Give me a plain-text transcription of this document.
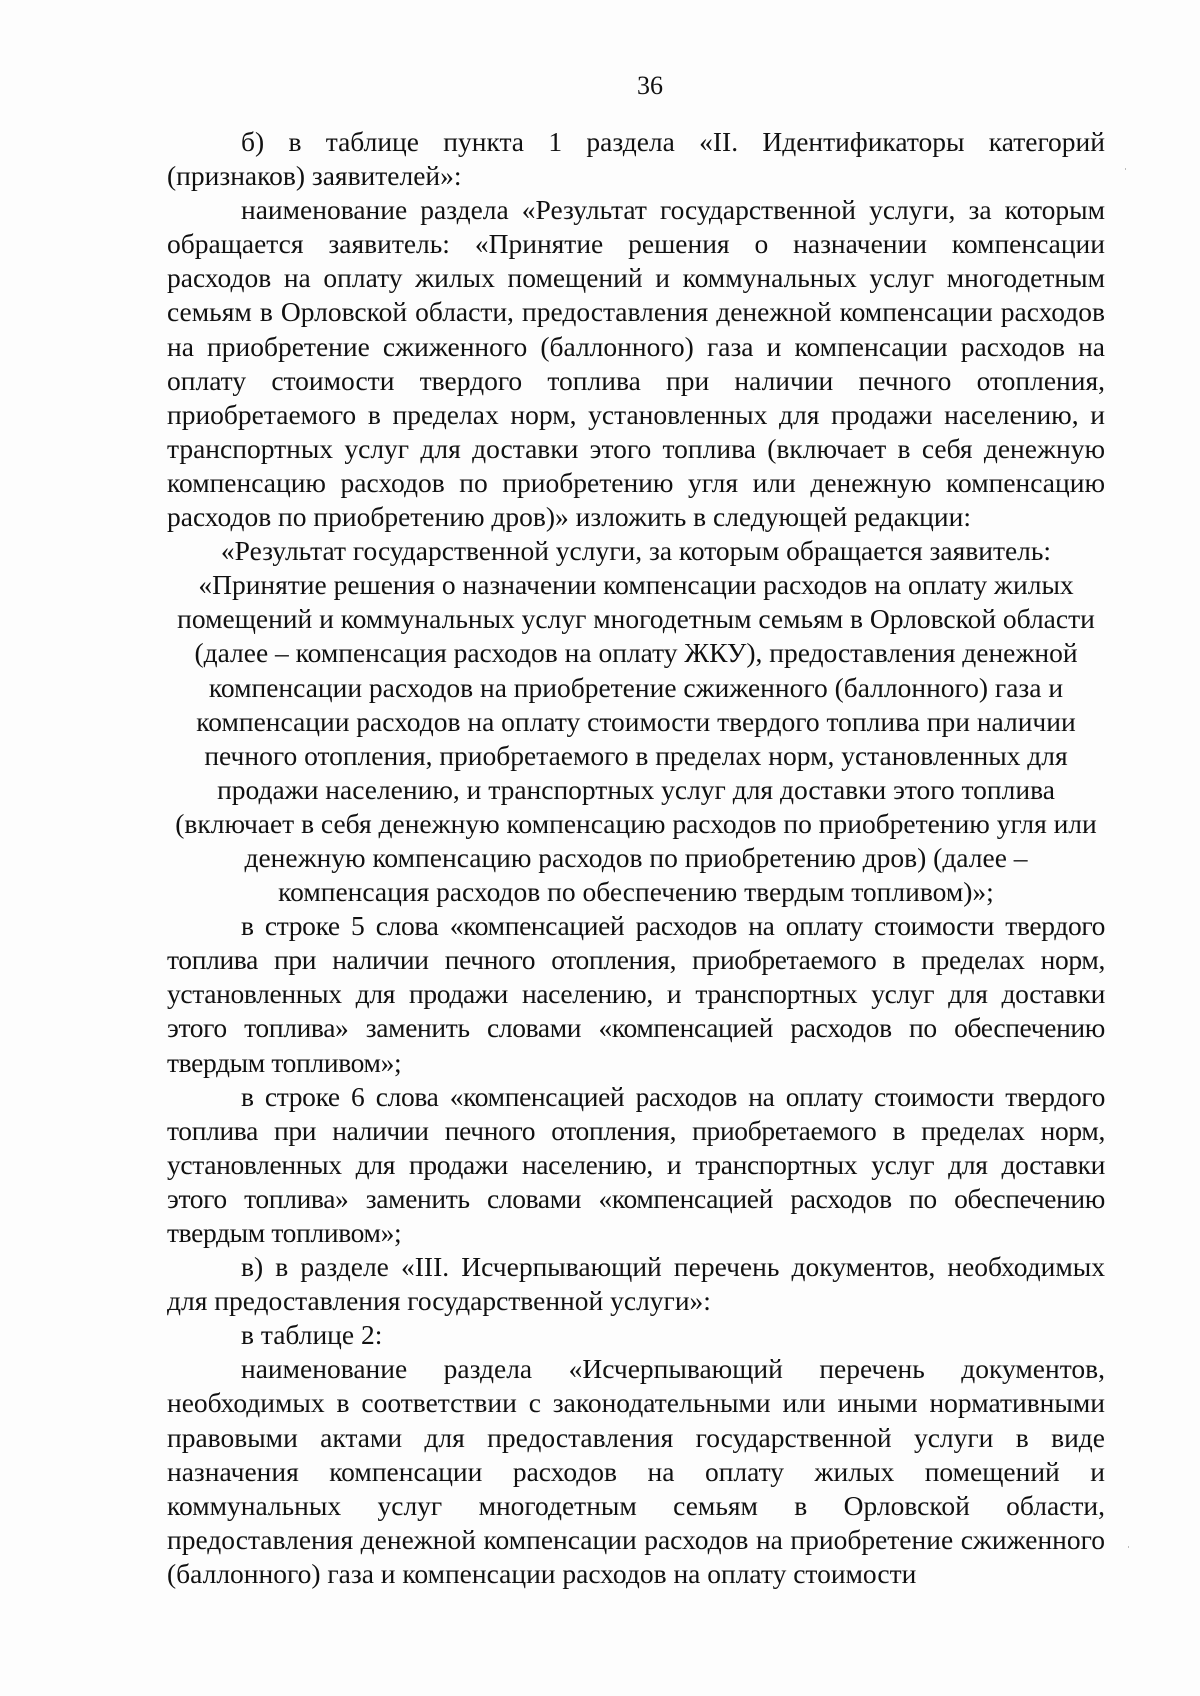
36

б) в таблице пункта 1 раздела «II. Идентификаторы категорий (признаков) заявителей»:

наименование раздела «Результат государственной услуги, за которым обращается заявитель: «Принятие решения о назначении компенсации расходов на оплату жилых помещений и коммунальных услуг многодетным семьям в Орловской области, предоставления денежной компенсации расходов на приобретение сжиженного (баллонного) газа и компенсации расходов на оплату стоимости твердого топлива при наличии печного отопления, приобретаемого в пределах норм, установленных для продажи населению, и транспортных услуг для доставки этого топлива (включает в себя денежную компенсацию расходов по приобретению угля или денежную компенсацию расходов по приобретению дров)» изложить в следующей редакции:

«Результат государственной услуги, за которым обращается заявитель: «Принятие решения о назначении компенсации расходов на оплату жилых помещений и коммунальных услуг многодетным семьям в Орловской области (далее – компенсация расходов на оплату ЖКУ), предоставления денежной компенсации расходов на приобретение сжиженного (баллонного) газа и компенсации расходов на оплату стоимости твердого топлива при наличии печного отопления, приобретаемого в пределах норм, установленных для продажи населению, и транспортных услуг для доставки этого топлива (включает в себя денежную компенсацию расходов по приобретению угля или денежную компенсацию расходов по приобретению дров) (далее – компенсация расходов по обеспечению твердым топливом)»;

в строке 5 слова «компенсацией расходов на оплату стоимости твердого топлива при наличии печного отопления, приобретаемого в пределах норм, установленных для продажи населению, и транспортных услуг для доставки этого топлива» заменить словами «компенсацией расходов по обеспечению твердым топливом»;

в строке 6 слова «компенсацией расходов на оплату стоимости твердого топлива при наличии печного отопления, приобретаемого в пределах норм, установленных для продажи населению, и транспортных услуг для доставки этого топлива» заменить словами «компенсацией расходов по обеспечению твердым топливом»;

в) в разделе «III. Исчерпывающий перечень документов, необходимых для предоставления государственной услуги»:

в таблице 2:

наименование раздела «Исчерпывающий перечень документов, необходимых в соответствии с законодательными или иными нормативными правовыми актами для предоставления государственной услуги в виде назначения компенсации расходов на оплату жилых помещений и коммунальных услуг многодетным семьям в Орловской области, предоставления денежной компенсации расходов на приобретение сжиженного (баллонного) газа и компенсации расходов на оплату стоимости
